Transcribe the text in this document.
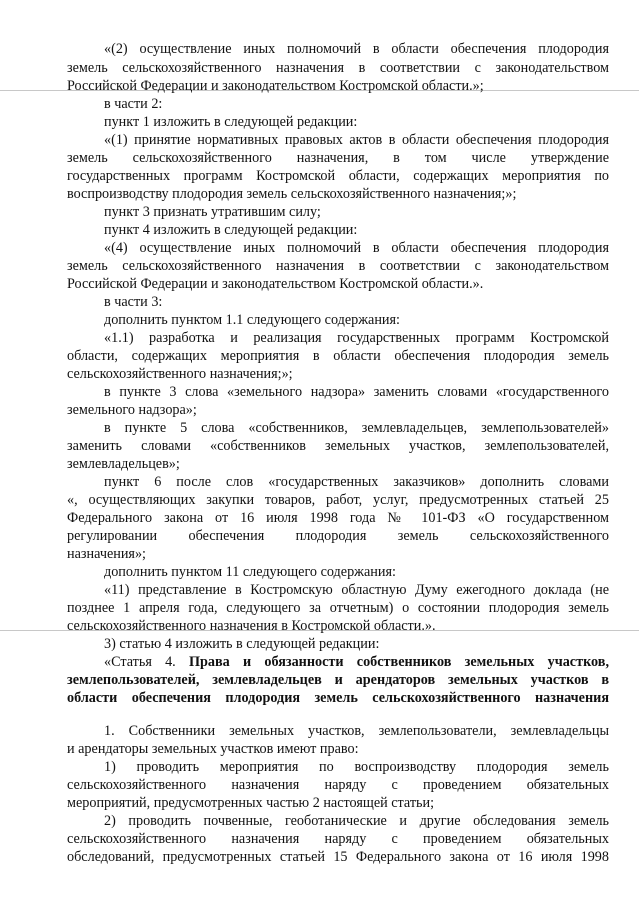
«(2) осуществление иных полномочий в области обеспечения плодородия
земель сельскохозяйственного назначения в соответствии с законодательством
Российской Федерации и законодательством Костромской области.»;
в части 2:
пункт 1 изложить в следующей редакции:
«(1) принятие нормативных правовых актов в области обеспечения плодородия
земель сельскохозяйственного назначения, в том числе утверждение
государственных программ Костромской области, содержащих мероприятия по
воспроизводству плодородия земель сельскохозяйственного назначения;»;
пункт 3 признать утратившим силу;
пункт 4 изложить в следующей редакции:
«(4) осуществление иных полномочий в области обеспечения плодородия
земель сельскохозяйственного назначения в соответствии с законодательством
Российской Федерации и законодательством Костромской области.».
в части 3:
дополнить пунктом 1.1 следующего содержания:
«1.1) разработка и реализация государственных программ Костромской
области, содержащих мероприятия в области обеспечения плодородия земель
сельскохозяйственного назначения;»;
в пункте 3 слова «земельного надзора» заменить словами «государственного
земельного надзора»;
в пункте 5 слова «собственников, землевладельцев, землепользователей»
заменить словами «собственников земельных участков, землепользователей,
землевладельцев»;
пункт 6 после слов «государственных заказчиков» дополнить словами
«, осуществляющих закупки товаров, работ, услуг, предусмотренных статьей 25
Федерального закона от 16 июля 1998 года № 101-ФЗ «О государственном
регулировании обеспечения плодородия земель сельскохозяйственного
назначения»;
дополнить пунктом 11 следующего содержания:
«11) представление в Костромскую областную Думу ежегодного доклада (не
позднее 1 апреля года, следующего за отчетным) о состоянии плодородия земель
сельскохозяйственного назначения в Костромской области.».
3) статью 4 изложить в следующей редакции:
«Статья 4. Права и обязанности собственников земельных участков,
землепользователей, землевладельцев и арендаторов земельных участков в
области обеспечения плодородия земель сельскохозяйственного назначения
1. Собственники земельных участков, землепользователи, землевладельцы
и арендаторы земельных участков имеют право:
1) проводить мероприятия по воспроизводству плодородия земель
сельскохозяйственного назначения наряду с проведением обязательных
мероприятий, предусмотренных частью 2 настоящей статьи;
2) проводить почвенные, геоботанические и другие обследования земель
сельскохозяйственного назначения наряду с проведением обязательных
обследований, предусмотренных статьей 15 Федерального закона от 16 июля 1998
